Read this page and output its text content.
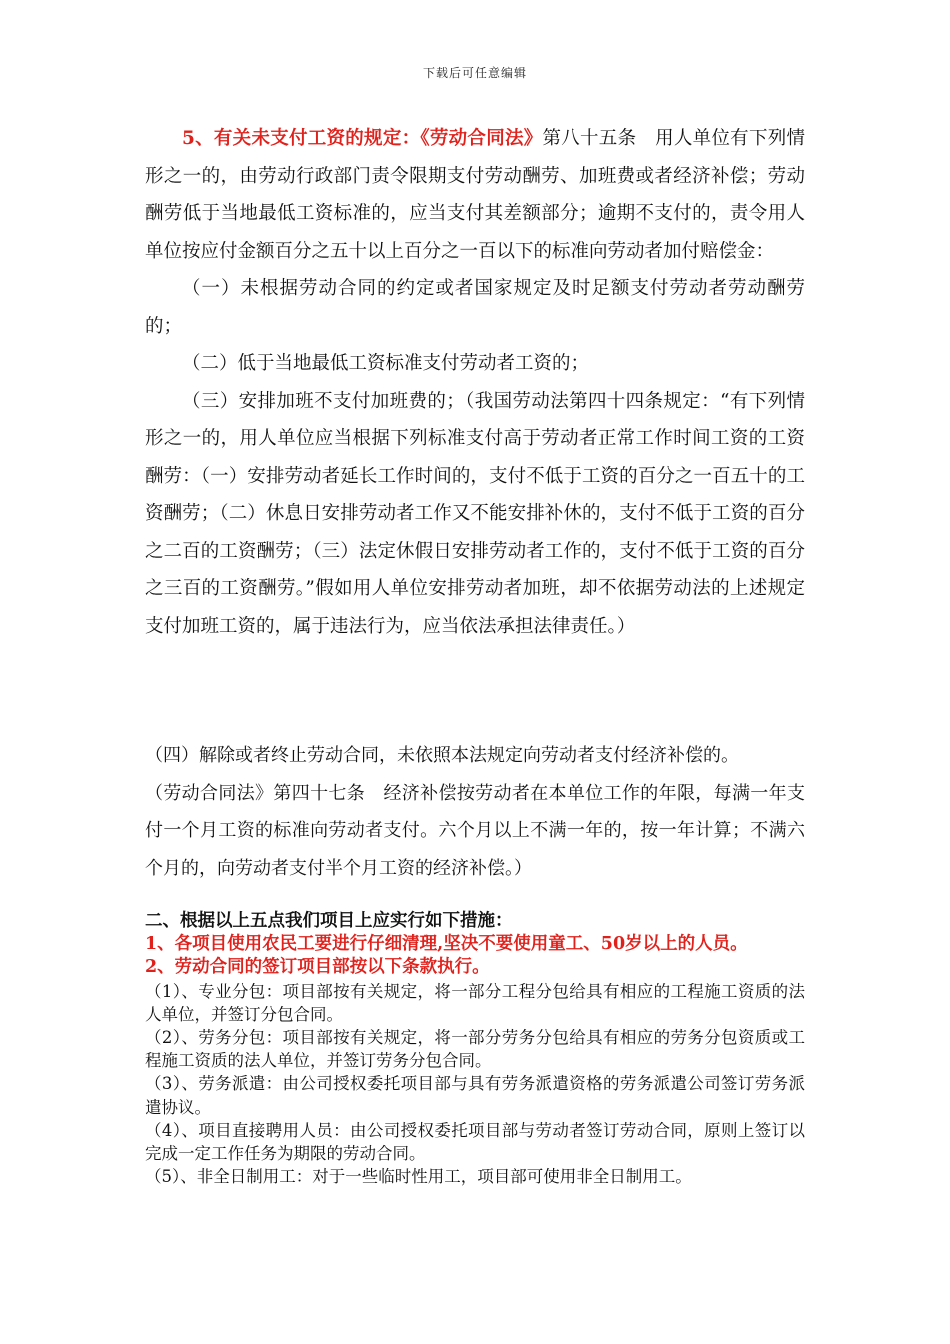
下载后可任意编辑

5、有关未支付工资的规定：《劳动合同法》第八十五条　用人单位有下列情形之一的，由劳动行政部门责令限期支付劳动酬劳、加班费或者经济补偿；劳动酬劳低于当地最低工资标准的，应当支付其差额部分；逾期不支付的，责令用人单位按应付金额百分之五十以上百分之一百以下的标准向劳动者加付赔偿金：

（一）未根据劳动合同的约定或者国家规定及时足额支付劳动者劳动酬劳的；

（二）低于当地最低工资标准支付劳动者工资的；

（三）安排加班不支付加班费的；（我国劳动法第四十四条规定：“有下列情形之一的，用人单位应当根据下列标准支付高于劳动者正常工作时间工资的工资酬劳：（一）安排劳动者延长工作时间的，支付不低于工资的百分之一百五十的工资酬劳；（二）休息日安排劳动者工作又不能安排补休的，支付不低于工资的百分之二百的工资酬劳；（三）法定休假日安排劳动者工作的，支付不低于工资的百分之三百的工资酬劳。”假如用人单位安排劳动者加班，却不依据劳动法的上述规定支付加班工资的，属于违法行为，应当依法承担法律责任。）

（四）解除或者终止劳动合同，未依照本法规定向劳动者支付经济补偿的。

（劳动合同法》第四十七条　经济补偿按劳动者在本单位工作的年限，每满一年支付一个月工资的标准向劳动者支付。六个月以上不满一年的，按一年计算；不满六个月的，向劳动者支付半个月工资的经济补偿。）

二、根据以上五点我们项目上应实行如下措施：

1、各项目使用农民工要进行仔细清理,坚决不要使用童工、50岁以上的人员。

2、劳动合同的签订项目部按以下条款执行。

（1）、专业分包：项目部按有关规定，将一部分工程分包给具有相应的工程施工资质的法人单位，并签订分包合同。

（2）、劳务分包：项目部按有关规定，将一部分劳务分包给具有相应的劳务分包资质或工程施工资质的法人单位，并签订劳务分包合同。

（3）、劳务派遣：由公司授权委托项目部与具有劳务派遣资格的劳务派遣公司签订劳务派遣协议。

（4）、项目直接聘用人员：由公司授权委托项目部与劳动者签订劳动合同，原则上签订以完成一定工作任务为期限的劳动合同。

（5）、非全日制用工：对于一些临时性用工，项目部可使用非全日制用工。
